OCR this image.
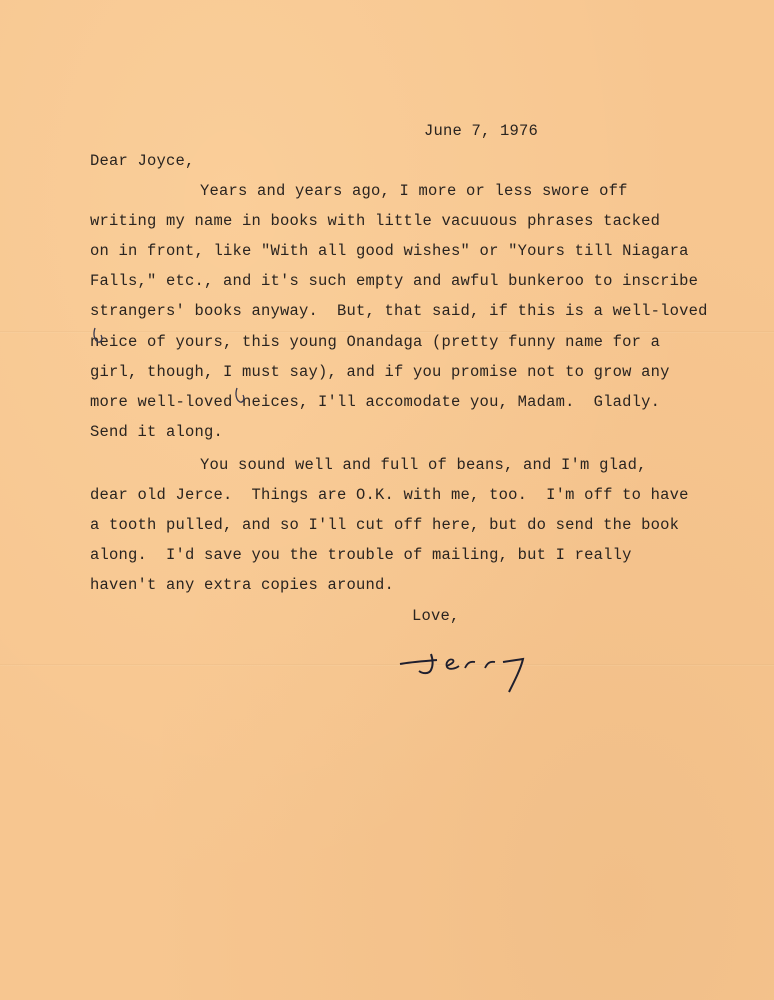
June 7, 1976
Dear Joyce,
Years and years ago, I more or less swore off
writing my name in books with little vacuuous phrases tacked
on in front, like "With all good wishes" or "Yours till Niagara
Falls," etc., and it's such empty and awful bunkeroo to inscribe
strangers' books anyway.  But, that said, if this is a well-loved
neice of yours, this young Onandaga (pretty funny name for a
girl, though, I must say), and if you promise not to grow any
more well-loved neices, I'll accomodate you, Madam.  Gladly.
Send it along.
You sound well and full of beans, and I'm glad,
dear old Jerce.  Things are O.K. with me, too.  I'm off to have
a tooth pulled, and so I'll cut off here, but do send the book
along.  I'd save you the trouble of mailing, but I really
haven't any extra copies around.
Love,
